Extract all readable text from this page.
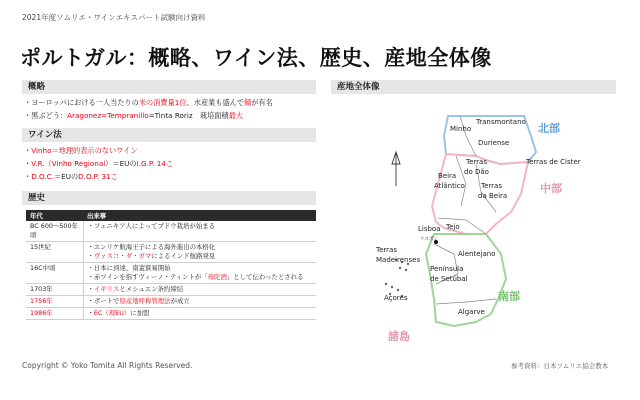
2021年度ソムリエ・ワインエキスパート試験向け資料
ポルトガル：概略、ワイン法、歴史、産地全体像
概略
・ヨーロッパにおける一人当たりの米の消費量1位、水産業も盛んで鯖が有名
・黒ぶどう：Aragonez=Tempranillo=Tinta Roriz　栽培面積最大
ワイン法
・Vinho＝地理的表示のないワイン
・V.R.（Vinho Regional）＝EUのI.G.P. 14こ
・D.O.C.＝EUのD.O.P. 31こ
歴史
年代	出来事
BC 600～500年頃	・フェニキア人によってブドウ栽培が始まる

15世紀	・エンリケ航海王子による海外進出の本格化
・ヴァスコ・ダ・ガマによるインド航路発見

16C中頃	・日本に到達、南蛮貿易開始
・赤ワインを指すヴィーノ・ティントが「珍陀酒」として伝わったとされる

1703年	・イギリスとメシュエン条約締結

1756年	・ポートで原産地呼称管理法が成立

1986年	・EC（現EU）に加盟
産地全体像
Minho
Transmontano
Duriense
Terras de Cister
Terras
do Dão
Beira
Atlântico Terras
da Beira
Lisboa Tejo
リスボン
Alentejano
Terras
Madeirenses
Península
de Setúbal
Açores
Algarve
北部
中部
南部
諸島
Copyright © Yoko Tomita All Rights Reserved.	参考資料：日本ソムリエ協会教本
